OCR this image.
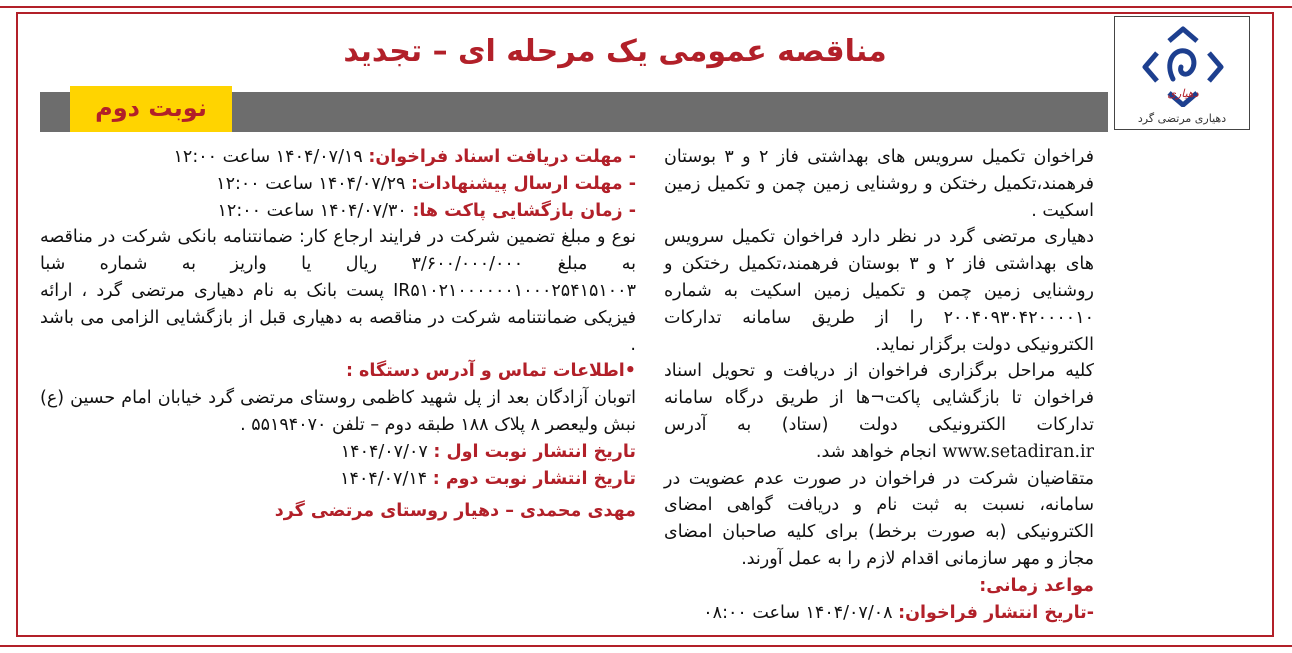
دهیاری
دهیاری مرتضی گرد
مناقصه عمومی یک مرحله ای – تجدید
نوبت دوم

فراخوان تکمیل سرویس های بهداشتی فاز ۲ و ۳ بوستان فرهمند،تکمیل رختکن و روشنایی زمین چمن و تکمیل زمین اسکیت .

دهیاری مرتضی گرد در نظر دارد فراخوان تکمیل سرویس های بهداشتی فاز ۲ و ۳ بوستان فرهمند،تکمیل رختکن و روشنایی زمین چمن و تکمیل زمین اسکیت به شماره ۲۰۰۴۰۹۳۰۴۲۰۰۰۰۱۰ را از طریق سامانه تدارکات الکترونیکی دولت برگزار نماید.

کلیه مراحل برگزاری فراخوان از دریافت و تحویل اسناد فراخوان تا بازگشایی پاکت¬ها از طریق درگاه سامانه تدارکات الکترونیکی دولت (ستاد) به آدرس www.setadiran.ir انجام خواهد شد.

متقاضیان شرکت در فراخوان در صورت عدم عضویت در سامانه، نسبت به ثبت نام و دریافت گواهی امضای الکترونیکی (به صورت برخط) برای کلیه صاحبان امضای مجاز و مهر سازمانی اقدام لازم را به عمل آورند.

مواعد زمانی:

-تاریخ انتشار فراخوان: ۱۴۰۴/۰۷/۰۸ ساعت ۰۸:۰۰

- مهلت دریافت اسناد فراخوان: ۱۴۰۴/۰۷/۱۹ ساعت ۱۲:۰۰

- مهلت ارسال پیشنهادات: ۱۴۰۴/۰۷/۲۹ ساعت ۱۲:۰۰

- زمان بازگشایی پاکت ها: ۱۴۰۴/۰۷/۳۰ ساعت ۱۲:۰۰

نوع و مبلغ تضمین شرکت در فرایند ارجاع کار: ضمانتنامه بانکی شرکت در مناقصه به مبلغ ۳/۶۰۰/۰۰۰/۰۰۰ ریال یا واریز به شماره شبا IR۵۱۰۲۱۰۰۰۰۰۰۱۰۰۰۲۵۴۱۵۱۰۰۳ پست بانک به نام دهیاری مرتضی گرد ، ارائه فیزیکی ضمانتنامه شرکت در مناقصه به دهیاری قبل از بازگشایی الزامی می باشد .

•اطلاعات تماس و آدرس دستگاه :

اتوبان آزادگان بعد از پل شهید کاظمی روستای مرتضی گرد خیابان امام حسین (ع) نبش ولیعصر ۸ پلاک ۱۸۸ طبقه دوم – تلفن ۵۵۱۹۴۰۷۰ .

تاریخ انتشار نوبت اول : ۱۴۰۴/۰۷/۰۷

تاریخ انتشار نوبت دوم : ۱۴۰۴/۰۷/۱۴

مهدی محمدی – دهیار روستای مرتضی گرد
